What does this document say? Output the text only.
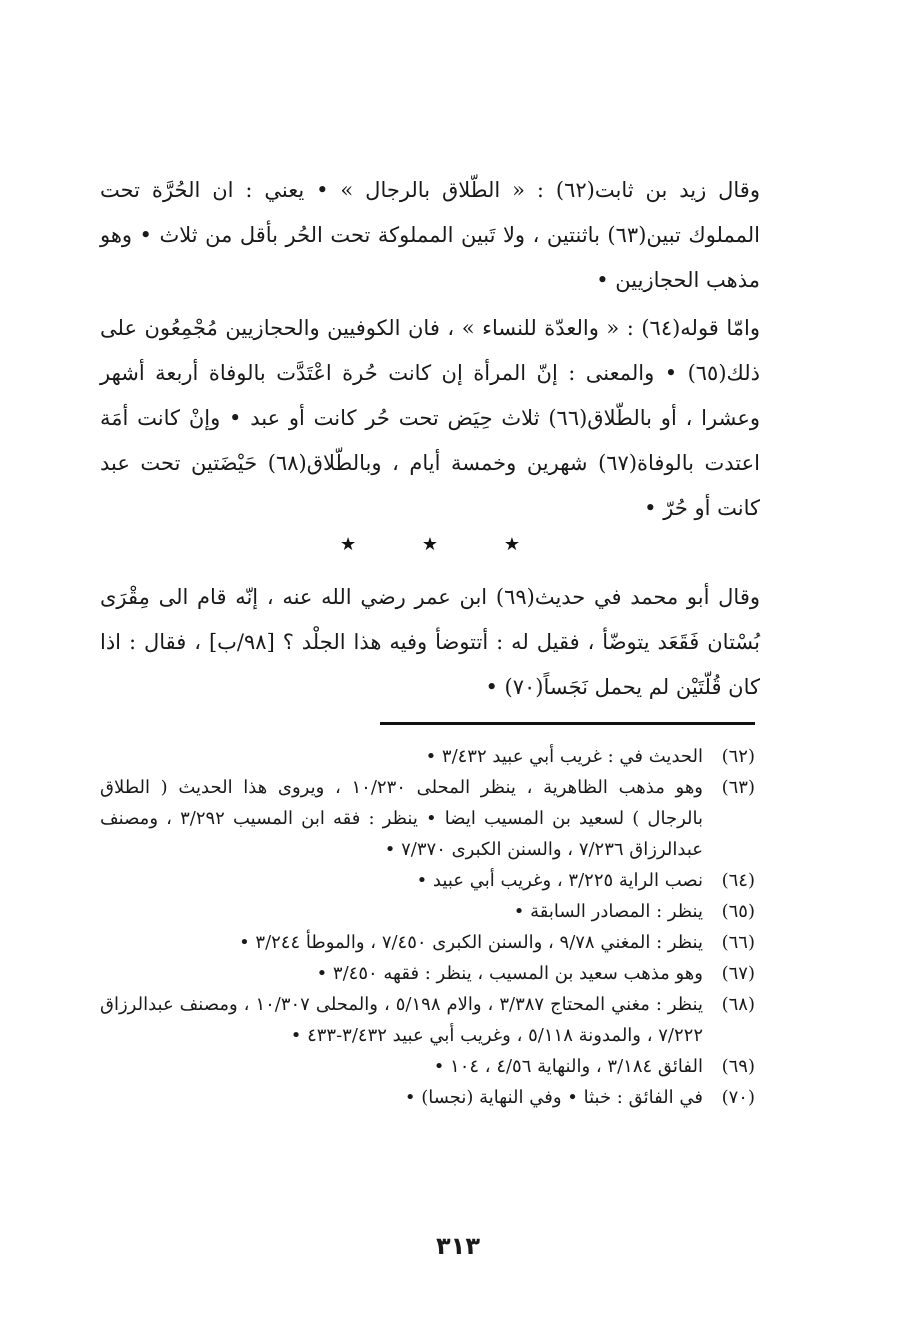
وقال زيد بن ثابت(٦٢) : « الطّلاق بالرجال » • يعني : ان الحُرَّة تحت المملوك تبين(٦٣) باثنتين ، ولا تَبين المملوكة تحت الحُر بأقل من ثلاث • وهو مذهب الحجازيين •
وامّا قوله(٦٤) : « والعدّة للنساء » ، فان الكوفيين والحجازيين مُجْمِعُون على ذلك(٦٥) • والمعنى : إنّ المرأة إن كانت حُرة اعْتَدَّت بالوفاة أربعة أشهر وعشرا ، أو بالطّلاق(٦٦) ثلاث حِيَض تحت حُر كانت أو عبد • وإنْ كانت أمَة اعتدت بالوفاة(٦٧) شهرين وخمسة أيام ، وبالطّلاق(٦٨) حَيْضَتين تحت عبد كانت أو حُرّ •
★	★	★
وقال أبو محمد في حديث(٦٩) ابن عمر رضي الله عنه ، إنّه قام الى مِقْرَى بُسْتان فَقَعَد يتوضّأ ، فقيل له : أتتوضأ وفيه هذا الجلْد ؟ [٩٨/ب] ، فقال : اذا كان قُلّتَيْن لم يحمل نَجَساً(٧٠) •
(٦٢)
الحديث في : غريب أبي عبيد ٣/٤٣٢ •
(٦٣)
وهو مذهب الظاهرية ، ينظر المحلى ١٠/٢٣٠ ، ويروى هذا الحديث ( الطلاق بالرجال ) لسعيد بن المسيب ايضا • ينظر : فقه ابن المسيب ٣/٢٩٢ ، ومصنف عبدالرزاق ٧/٢٣٦ ، والسنن الكبرى ٧/٣٧٠ •
(٦٤)
نصب الراية ٣/٢٢٥ ، وغريب أبي عبيد •
(٦٥)
ينظر : المصادر السابقة •
(٦٦)
ينظر : المغني ٩/٧٨ ، والسنن الكبرى ٧/٤٥٠ ، والموطأ ٣/٢٤٤ •
(٦٧)
وهو مذهب سعيد بن المسيب ، ينظر : فقهه ٣/٤٥٠ •
(٦٨)
ينظر : مغني المحتاج ٣/٣٨٧ ، والام ٥/١٩٨ ، والمحلى ١٠/٣٠٧ ، ومصنف عبدالرزاق ٧/٢٢٢ ، والمدونة ٥/١١٨ ، وغريب أبي عبيد ٣/٤٣٢-٤٣٣ •
(٦٩)
الفائق ٣/١٨٤ ، والنهاية ٤/٥٦ ، ١٠٤ •
(٧٠)
في الفائق : خبثا • وفي النهاية (نجسا) •
٣١٣
